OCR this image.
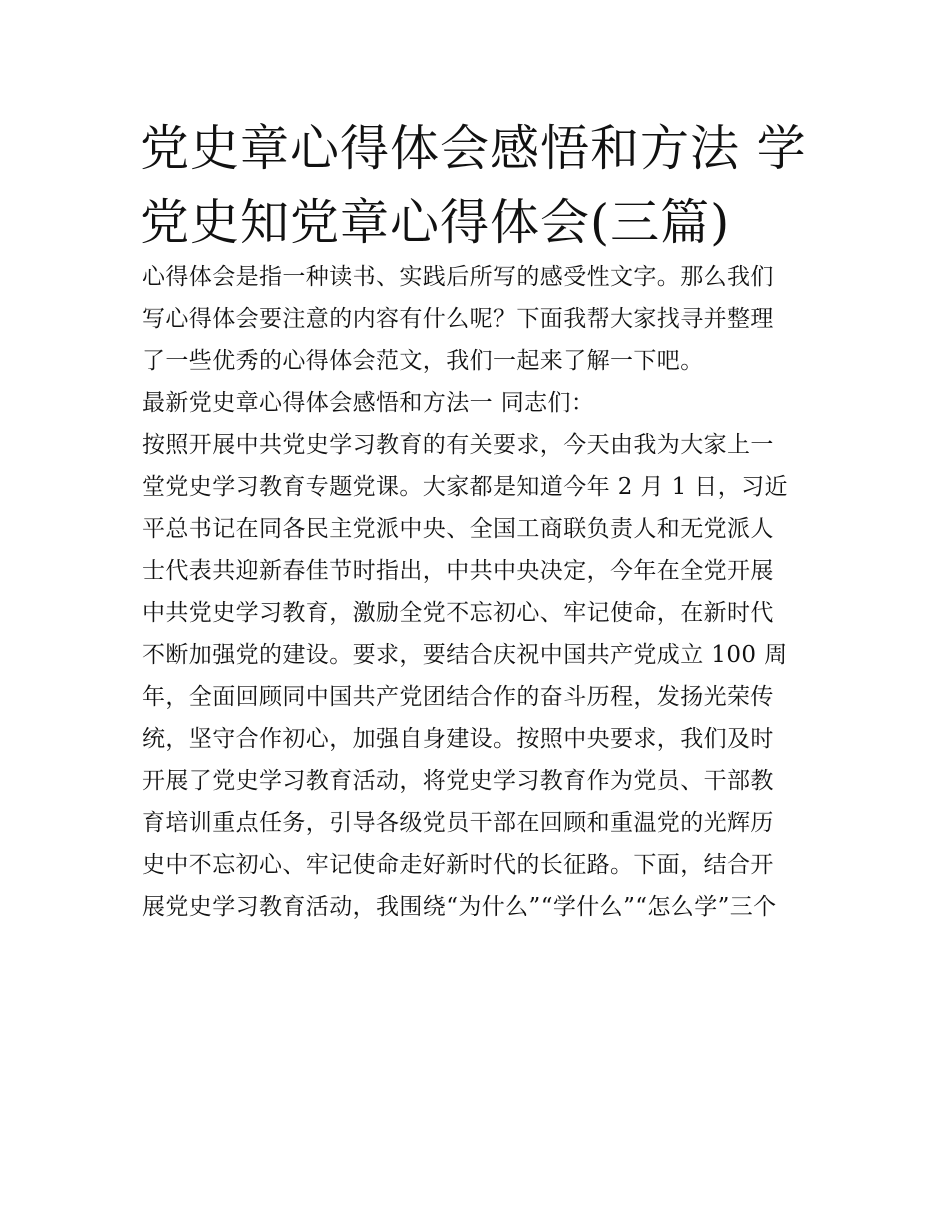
党史章心得体会感悟和方法 学
党史知党章心得体会(三篇)
心得体会是指一种读书、实践后所写的感受性文字。那么我们
写心得体会要注意的内容有什么呢？下面我帮大家找寻并整理
了一些优秀的心得体会范文，我们一起来了解一下吧。
最新党史章心得体会感悟和方法一 同志们：
按照开展中共党史学习教育的有关要求，今天由我为大家上一
堂党史学习教育专题党课。大家都是知道今年 2 月 1 日，习近
平总书记在同各民主党派中央、全国工商联负责人和无党派人
士代表共迎新春佳节时指出，中共中央决定，今年在全党开展
中共党史学习教育，激励全党不忘初心、牢记使命，在新时代
不断加强党的建设。要求，要结合庆祝中国共产党成立 100 周
年，全面回顾同中国共产党团结合作的奋斗历程，发扬光荣传
统，坚守合作初心，加强自身建设。按照中央要求，我们及时
开展了党史学习教育活动，将党史学习教育作为党员、干部教
育培训重点任务，引导各级党员干部在回顾和重温党的光辉历
史中不忘初心、牢记使命走好新时代的长征路。下面，结合开
展党史学习教育活动，我围绕“为什么”“学什么”“怎么学”三个
